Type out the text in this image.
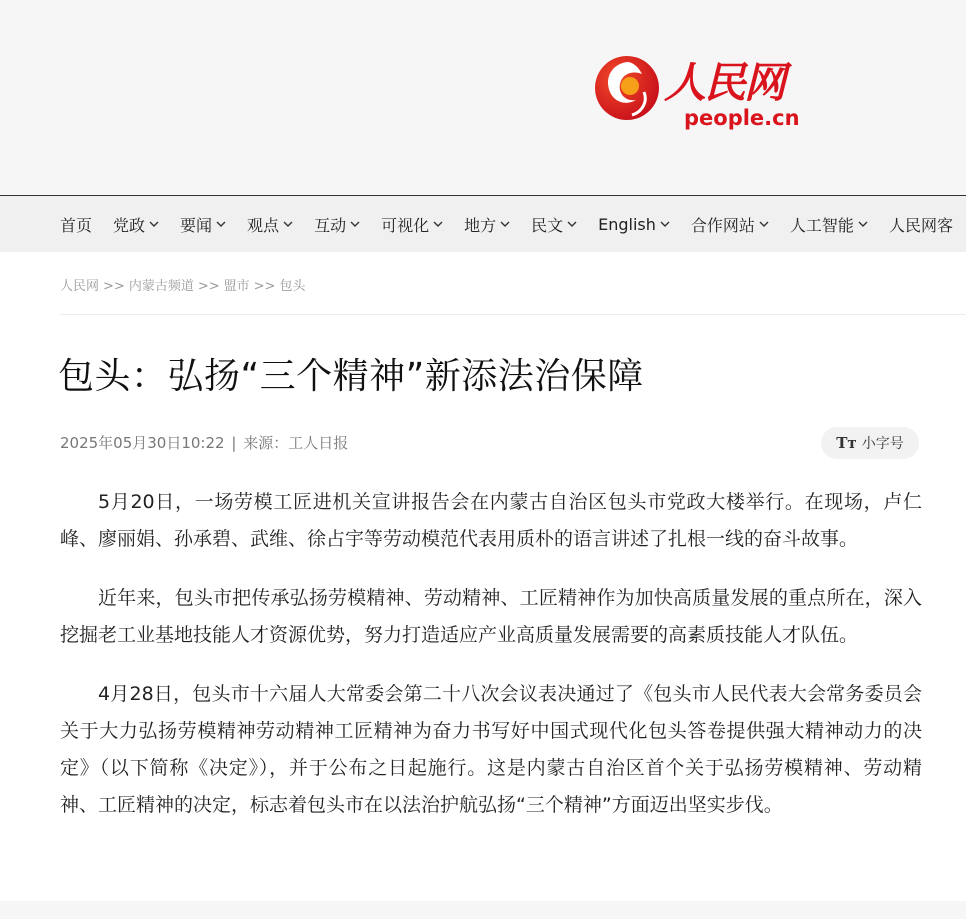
人民网
people.cn
首页 党政 要闻 观点 互动 可视化 地方 民文 English 合作网站 人工智能 人民网客
人民网 >> 内蒙古频道 >> 盟市 >> 包头
包头：弘扬“三个精神”新添法治保障
2025年05月30日10:22 | 来源：工人日报	Tт 小字号

5月20日，一场劳模工匠进机关宣讲报告会在内蒙古自治区包头市党政大楼举行。在现场，卢仁峰、廖丽娟、孙承碧、武维、徐占宇等劳动模范代表用质朴的语言讲述了扎根一线的奋斗故事。

近年来，包头市把传承弘扬劳模精神、劳动精神、工匠精神作为加快高质量发展的重点所在，深入挖掘老工业基地技能人才资源优势，努力打造适应产业高质量发展需要的高素质技能人才队伍。

4月28日，包头市十六届人大常委会第二十八次会议表决通过了《包头市人民代表大会常务委员会关于大力弘扬劳模精神劳动精神工匠精神为奋力书写好中国式现代化包头答卷提供强大精神动力的决定》（以下简称《决定》），并于公布之日起施行。这是内蒙古自治区首个关于弘扬劳模精神、劳动精神、工匠精神的决定，标志着包头市在以法治护航弘扬“三个精神”方面迈出坚实步伐。
